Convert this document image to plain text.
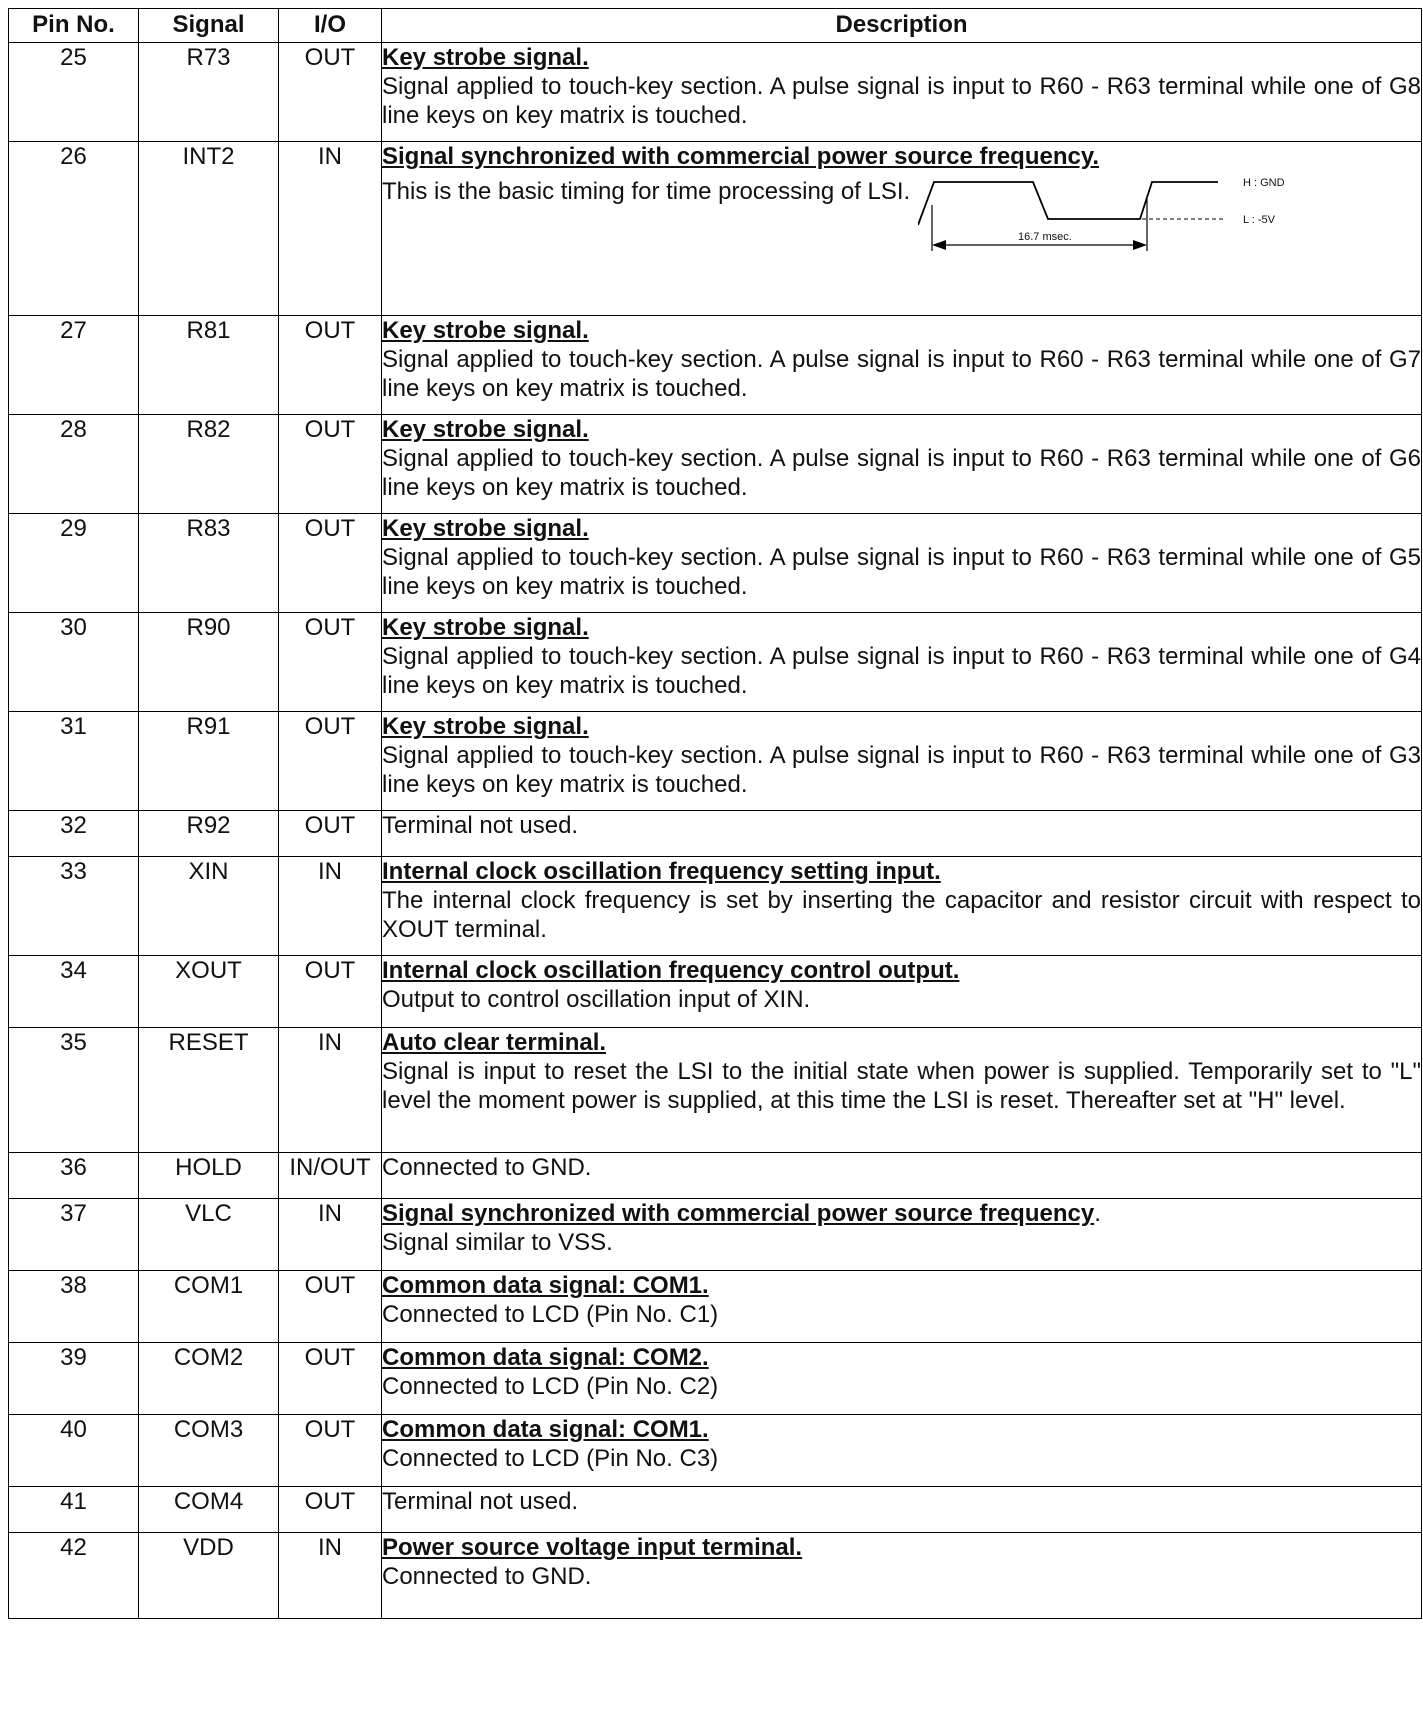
Pin No.	Signal	I/O	Description
25	R73	OUT	Key strobe signal.
Signal applied to touch-key section. A pulse signal is input to R60 - R63 terminal while one of G8 line keys on key matrix is touched.

26	INT2	IN	Signal synchronized with commercial power source frequency.
This is the basic timing for time processing of LSI. H : GND
L : -5V
16.7 msec.

27	R81	OUT	Key strobe signal.
Signal applied to touch-key section. A pulse signal is input to R60 - R63 terminal while one of G7 line keys on key matrix is touched.

28	R82	OUT	Key strobe signal.
Signal applied to touch-key section. A pulse signal is input to R60 - R63 terminal while one of G6 line keys on key matrix is touched.

29	R83	OUT	Key strobe signal.
Signal applied to touch-key section. A pulse signal is input to R60 - R63 terminal while one of G5 line keys on key matrix is touched.

30	R90	OUT	Key strobe signal.
Signal applied to touch-key section. A pulse signal is input to R60 - R63 terminal while one of G4 line keys on key matrix is touched.

31	R91	OUT	Key strobe signal.
Signal applied to touch-key section. A pulse signal is input to R60 - R63 terminal while one of G3 line keys on key matrix is touched.

32	R92	OUT	Terminal not used.

33	XIN	IN	Internal clock oscillation frequency setting input.
The internal clock frequency is set by inserting the capacitor and resistor circuit with respect to XOUT terminal.

34	XOUT	OUT	Internal clock oscillation frequency control output.
Output to control oscillation input of XIN.

35	RESET	IN	Auto clear terminal.
Signal is input to reset the LSI to the initial state when power is supplied. Temporarily set to "L" level the moment power is supplied, at this time the LSI is reset. Thereafter set at "H" level.

36	HOLD	IN/OUT	Connected to GND.

37	VLC	IN	Signal synchronized with commercial power source frequency.
Signal similar to VSS.

38	COM1	OUT	Common data signal: COM1.
Connected to LCD (Pin No. C1)

39	COM2	OUT	Common data signal: COM2.
Connected to LCD (Pin No. C2)

40	COM3	OUT	Common data signal: COM1.
Connected to LCD (Pin No. C3)

41	COM4	OUT	Terminal not used.

42	VDD	IN	Power source voltage input terminal.
Connected to GND.
